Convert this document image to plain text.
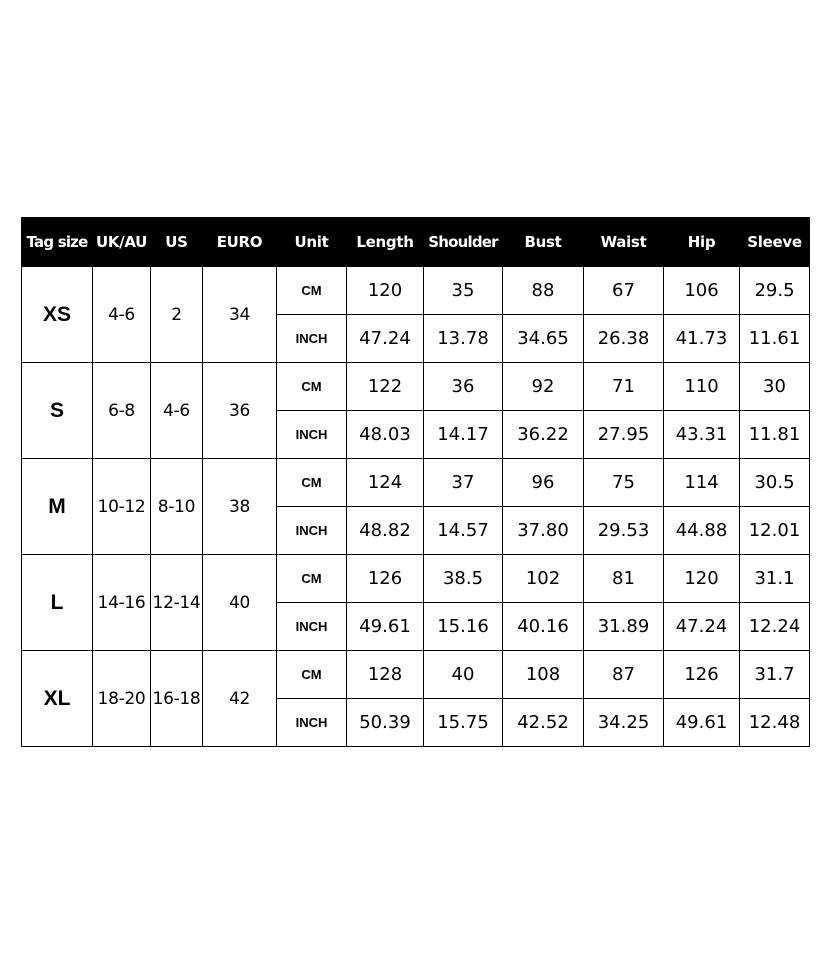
Tag size	UK/AU	US	EURO	Unit	Length	Shoulder	Bust	Waist	Hip	Sleeve
XS	4-6	2	34	CM	120	35	88	67	106	29.5
				INCH	47.24	13.78	34.65	26.38	41.73	11.61
S	6-8	4-6	36	CM	122	36	92	71	110	30
				INCH	48.03	14.17	36.22	27.95	43.31	11.81
M	10-12	8-10	38	CM	124	37	96	75	114	30.5
				INCH	48.82	14.57	37.80	29.53	44.88	12.01
L	14-16	12-14	40	CM	126	38.5	102	81	120	31.1
				INCH	49.61	15.16	40.16	31.89	47.24	12.24
XL	18-20	16-18	42	CM	128	40	108	87	126	31.7
				INCH	50.39	15.75	42.52	34.25	49.61	12.48
